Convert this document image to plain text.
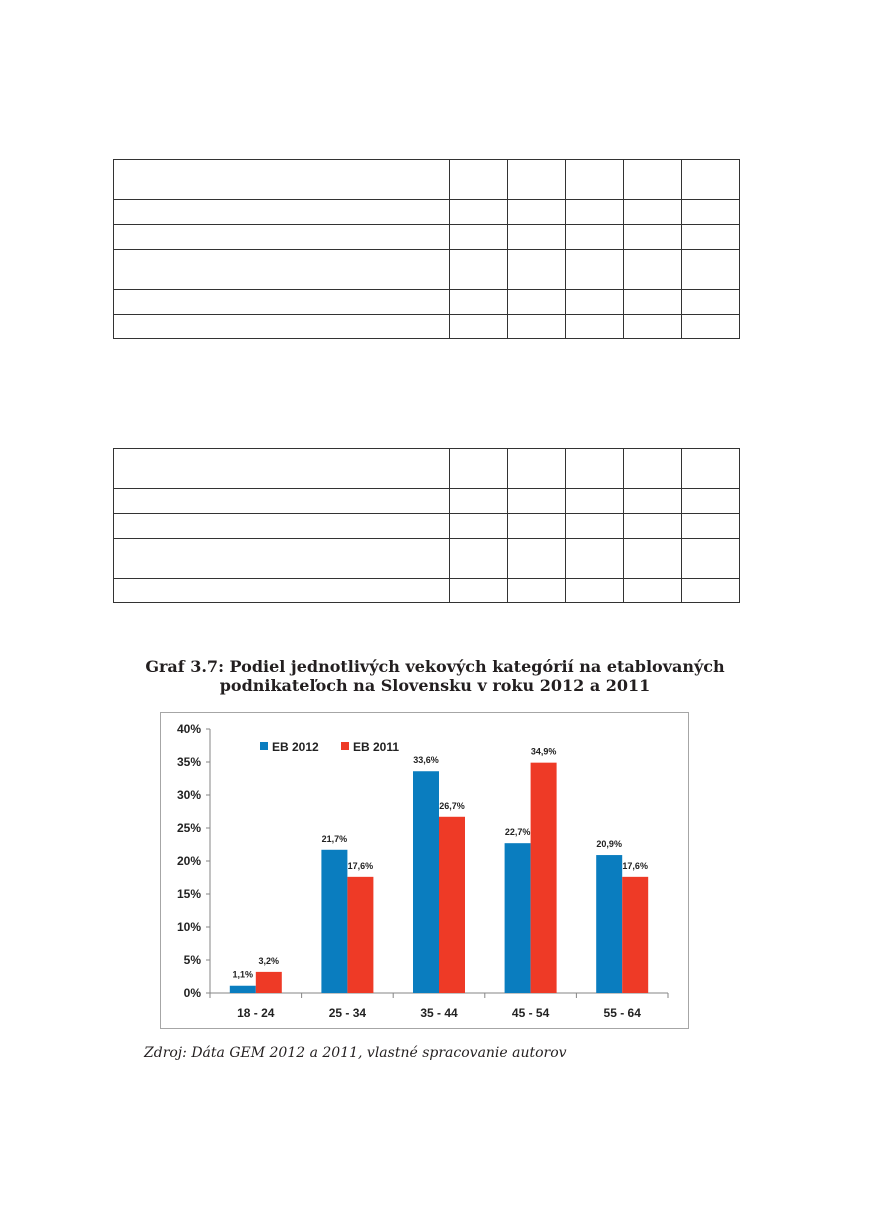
Graf 3.7: Podiel jednotlivých vekových kategórií na etablovaných
podnikateľoch na Slovensku v roku 2012 a 2011
0%
5%
10%
15%
20%
25%
30%
35%
40%
18 - 24	25 - 34	35 - 44	45 - 54	55 - 64
1,1%
21,7%
33,6%
22,7%
20,9%
3,2%
17,6%
26,7%
34,9%
17,6%
EB 2012	EB 2011
Zdroj: Dáta GEM 2012 a 2011, vlastné spracovanie autorov
